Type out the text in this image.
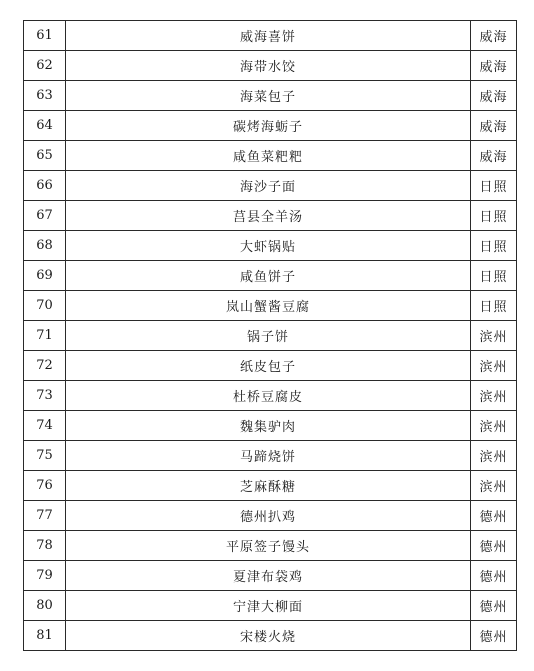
61	威海喜饼	威海
62	海带水饺	威海
63	海菜包子	威海
64	碳烤海蛎子	威海
65	咸鱼菜粑粑	威海
66	海沙子面	日照
67	莒县全羊汤	日照
68	大虾锅贴	日照
69	咸鱼饼子	日照
70	岚山蟹酱豆腐	日照
71	锅子饼	滨州
72	纸皮包子	滨州
73	杜桥豆腐皮	滨州
74	魏集驴肉	滨州
75	马蹄烧饼	滨州
76	芝麻酥糖	滨州
77	德州扒鸡	德州
78	平原签子馒头	德州
79	夏津布袋鸡	德州
80	宁津大柳面	德州
81	宋楼火烧	德州
